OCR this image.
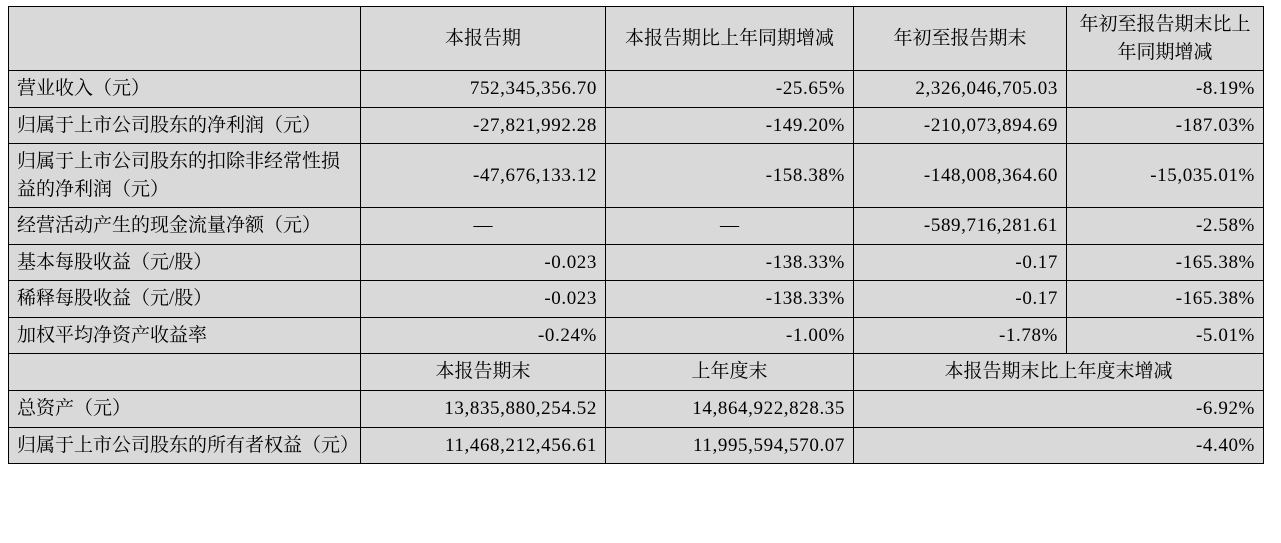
	本报告期	本报告期比上年同期增减	年初至报告期末	年初至报告期末比上年同期增减
营业收入（元）	752,345,356.70	-25.65%	2,326,046,705.03	-8.19%
归属于上市公司股东的净利润（元）	-27,821,992.28	-149.20%	-210,073,894.69	-187.03%
归属于上市公司股东的扣除非经常性损益的净利润（元）	-47,676,133.12	-158.38%	-148,008,364.60	-15,035.01%
经营活动产生的现金流量净额（元）	—	—	-589,716,281.61	-2.58%
基本每股收益（元/股）	-0.023	-138.33%	-0.17	-165.38%
稀释每股收益（元/股）	-0.023	-138.33%	-0.17	-165.38%
加权平均净资产收益率	-0.24%	-1.00%	-1.78%	-5.01%
	本报告期末	上年度末	本报告期末比上年度末增减	
总资产（元）	13,835,880,254.52	14,864,922,828.35	-6.92%	
归属于上市公司股东的所有者权益（元）	11,468,212,456.61	11,995,594,570.07	-4.40%	
